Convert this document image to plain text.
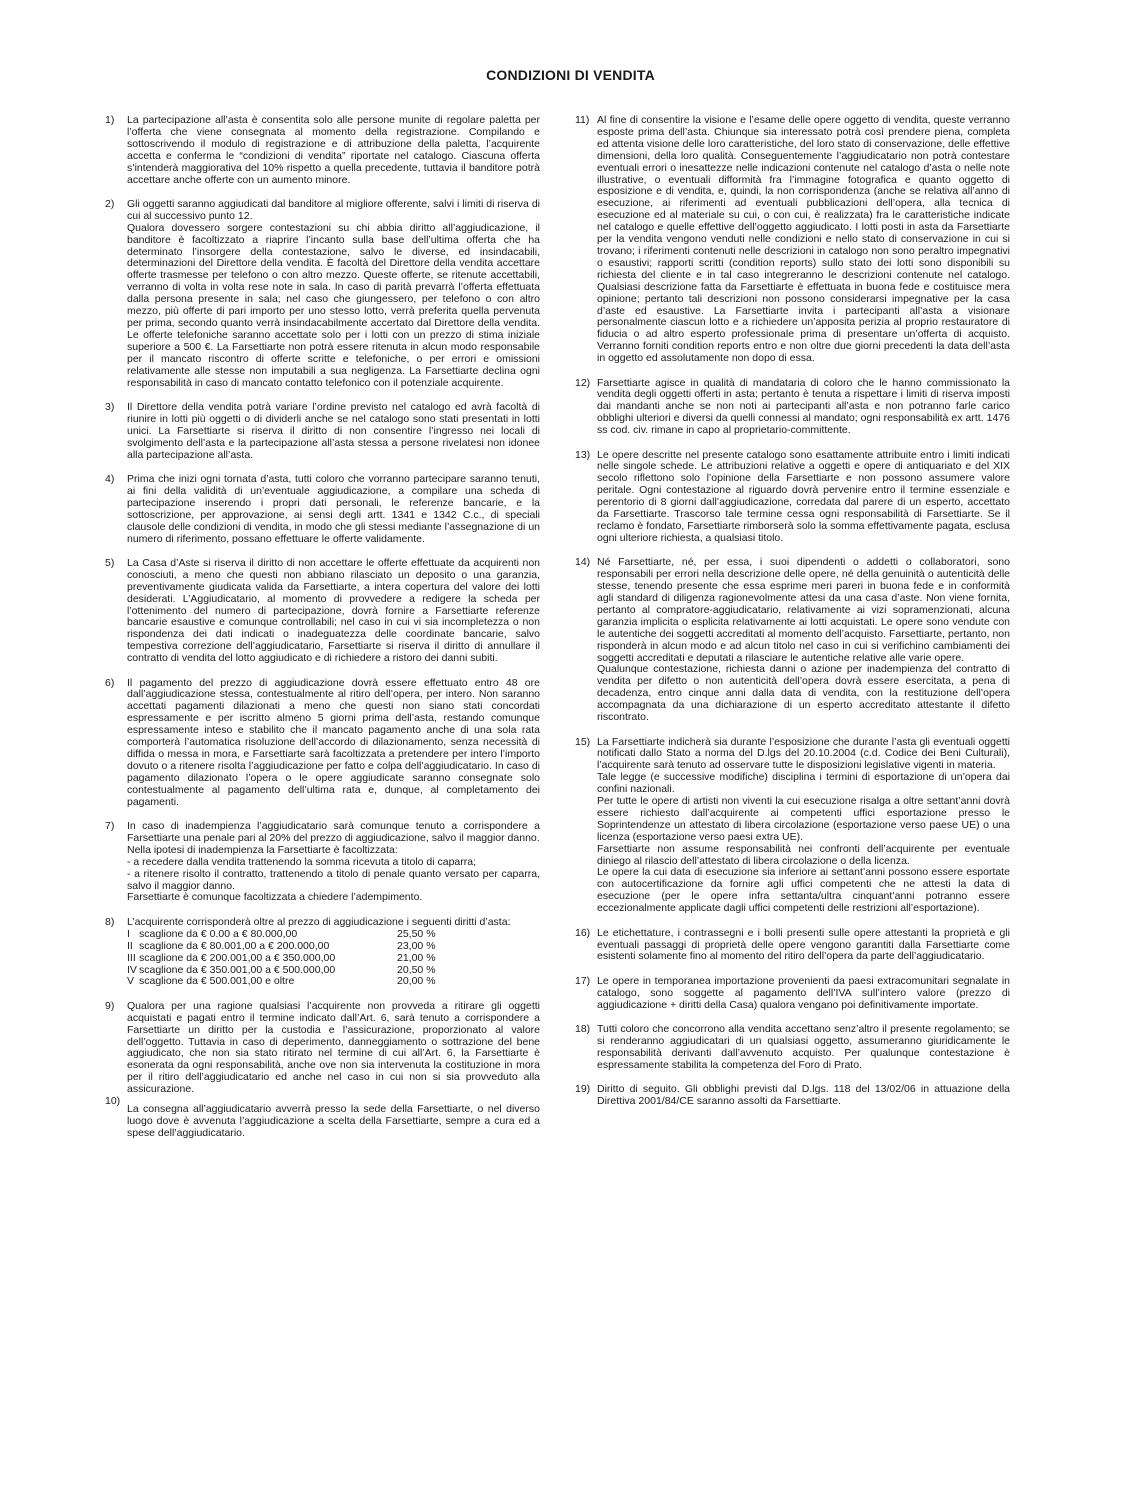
CONDIZIONI DI VENDITA
1) La partecipazione all’asta è consentita solo alle persone munite di regolare paletta per l’offerta che viene consegnata al momento della registrazione. Compilando e sottoscrivendo il modulo di registrazione e di attribuzione della paletta, l’acquirente accetta e conferma le “condizioni di vendita” riportate nel catalogo. Ciascuna offerta s’intenderà maggiorativa del 10% rispetto a quella precedente, tuttavia il banditore potrà accettare anche offerte con un aumento minore.
2) Gli oggetti saranno aggiudicati dal banditore al migliore offerente, salvi i limiti di riserva di cui al successivo punto 12.
Qualora dovessero sorgere contestazioni su chi abbia diritto all’aggiudicazione, il banditore è facoltizzato a riaprire l’incanto sulla base dell’ultima offerta che ha determinato l’insorgere della contestazione, salvo le diverse, ed insindacabili, determinazioni del Direttore della vendita. È facoltà del Direttore della vendita accettare offerte trasmesse per telefono o con altro mezzo. Queste offerte, se ritenute accettabili, verranno di volta in volta rese note in sala. In caso di parità prevarrà l’offerta effettuata dalla persona presente in sala; nel caso che giungessero, per telefono o con altro mezzo, più offerte di pari importo per uno stesso lotto, verrà preferita quella pervenuta per prima, secondo quanto verrà insindacabilmente accertato dal Direttore della vendita. Le offerte telefoniche saranno accettate solo per i lotti con un prezzo di stima iniziale superiore a 500 €. La Farsettiarte non potrà essere ritenuta in alcun modo responsabile per il mancato riscontro di offerte scritte e telefoniche, o per errori e omissioni relativamente alle stesse non imputabili a sua negligenza. La Farsettiarte declina ogni responsabilità in caso di mancato contatto telefonico con il potenziale acquirente.
3) Il Direttore della vendita potrà variare l’ordine previsto nel catalogo ed avrà facoltà di riunire in lotti più oggetti o di dividerli anche se nel catalogo sono stati presentati in lotti unici. La Farsettiarte si riserva il diritto di non consentire l’ingresso nei locali di svolgimento dell’asta e la partecipazione all’asta stessa a persone rivelatesi non idonee alla partecipazione all’asta.
4) Prima che inizi ogni tornata d’asta, tutti coloro che vorranno partecipare saranno tenuti, ai fini della validità di un’eventuale aggiudicazione, a compilare una scheda di partecipazione inserendo i propri dati personali, le referenze bancarie, e la sottoscrizione, per approvazione, ai sensi degli artt. 1341 e 1342 C.c., di speciali clausole delle condizioni di vendita, in modo che gli stessi mediante l’assegnazione di un numero di riferimento, possano effettuare le offerte validamente.
5) La Casa d’Aste si riserva il diritto di non accettare le offerte effettuate da acquirenti non conosciuti, a meno che questi non abbiano rilasciato un deposito o una garanzia, preventivamente giudicata valida da Farsettiarte, a intera copertura del valore dei lotti desiderati. L’Aggiudicatario, al momento di provvedere a redigere la scheda per l’ottenimento del numero di partecipazione, dovrà fornire a Farsettiarte referenze bancarie esaustive e comunque controllabili; nel caso in cui vi sia incompletezza o non rispondenza dei dati indicati o inadeguatezza delle coordinate bancarie, salvo tempestiva correzione dell’aggiudicatario, Farsettiarte si riserva il diritto di annullare il contratto di vendita del lotto aggiudicato e di richiedere a ristoro dei danni subiti.
6) Il pagamento del prezzo di aggiudicazione dovrà essere effettuato entro 48 ore dall’aggiudicazione stessa, contestualmente al ritiro dell’opera, per intero. Non saranno accettati pagamenti dilazionati a meno che questi non siano stati concordati espressamente e per iscritto almeno 5 giorni prima dell’asta, restando comunque espressamente inteso e stabilito che il mancato pagamento anche di una sola rata comporterà l’automatica risoluzione dell’accordo di dilazionamento, senza necessità di diffida o messa in mora, e Farsettiarte sarà facoltizzata a pretendere per intero l’importo dovuto o a ritenere risolta l’aggiudicazione per fatto e colpa dell’aggiudicatario. In caso di pagamento dilazionato l’opera o le opere aggiudicate saranno consegnate solo contestualmente al pagamento dell’ultima rata e, dunque, al completamento dei pagamenti.
7) In caso di inadempienza l’aggiudicatario sarà comunque tenuto a corrispondere a Farsettiarte una penale pari al 20% del prezzo di aggiudicazione, salvo il maggior danno.
Nella ipotesi di inadempienza la Farsettiarte è facoltizzata:
- a recedere dalla vendita trattenendo la somma ricevuta a titolo di caparra;
- a ritenere risolto il contratto, trattenendo a titolo di penale quanto versato per caparra, salvo il maggior danno.
Farsettiarte è comunque facoltizzata a chiedere l’adempimento.
8) L’acquirente corrisponderà oltre al prezzo di aggiudicazione i seguenti diritti d’asta:
I	scaglione da € 0.00 a € 80.000,00	25,50 %
II	scaglione da € 80.001,00 a € 200.000,00	23,00 %
III	scaglione da € 200.001,00 a € 350.000,00	21,00 %
IV	scaglione da € 350.001,00 a € 500.000,00	20,50 %
V	scaglione da € 500.001,00 e oltre	20,00 %
9) Qualora per una ragione qualsiasi l’acquirente non provveda a ritirare gli oggetti acquistati e pagati entro il termine indicato dall’Art. 6, sarà tenuto a corrispondere a Farsettiarte un diritto per la custodia e l’assicurazione, proporzionato al valore dell’oggetto. Tuttavia in caso di deperimento, danneggiamento o sottrazione del bene aggiudicato, che non sia stato ritirato nel termine di cui all’Art. 6, la Farsettiarte è esonerata da ogni responsabilità, anche ove non sia intervenuta la costituzione in mora per il ritiro dell’aggiudicatario ed anche nel caso in cui non si sia provveduto alla assicurazione.
10)
La consegna all’aggiudicatario avverrà presso la sede della Farsettiarte, o nel diverso luogo dove è avvenuta l’aggiudicazione a scelta della Farsettiarte, sempre a cura ed a spese dell’aggiudicatario.
11) Al fine di consentire la visione e l’esame delle opere oggetto di vendita, queste verranno esposte prima dell’asta. Chiunque sia interessato potrà così prendere piena, completa ed attenta visione delle loro caratteristiche, del loro stato di conservazione, delle effettive dimensioni, della loro qualità. Conseguentemente l’aggiudicatario non potrà contestare eventuali errori o inesattezze nelle indicazioni contenute nel catalogo d’asta o nelle note illustrative, o eventuali difformità fra l’immagine fotografica e quanto oggetto di esposizione e di vendita, e, quindi, la non corrispondenza (anche se relativa all’anno di esecuzione, ai riferimenti ad eventuali pubblicazioni dell’opera, alla tecnica di esecuzione ed al materiale su cui, o con cui, è realizzata) fra le caratteristiche indicate nel catalogo e quelle effettive dell’oggetto aggiudicato. I lotti posti in asta da Farsettiarte per la vendita vengono venduti nelle condizioni e nello stato di conservazione in cui si trovano; i riferimenti contenuti nelle descrizioni in catalogo non sono peraltro impegnativi o esaustivi; rapporti scritti (condition reports) sullo stato dei lotti sono disponibili su richiesta del cliente e in tal caso integreranno le descrizioni contenute nel catalogo. Qualsiasi descrizione fatta da Farsettiarte è effettuata in buona fede e costituisce mera opinione; pertanto tali descrizioni non possono considerarsi impegnative per la casa d’aste ed esaustive. La Farsettiarte invita i partecipanti all’asta a visionare personalmente ciascun lotto e a richiedere un’apposita perizia al proprio restauratore di fiducia o ad altro esperto professionale prima di presentare un’offerta di acquisto. Verranno forniti condition reports entro e non oltre due giorni precedenti la data dell’asta in oggetto ed assolutamente non dopo di essa.
12) Farsettiarte agisce in qualità di mandataria di coloro che le hanno commissionato la vendita degli oggetti offerti in asta; pertanto è tenuta a rispettare i limiti di riserva imposti dai mandanti anche se non noti ai partecipanti all’asta e non potranno farle carico obblighi ulteriori e diversi da quelli connessi al mandato; ogni responsabilità ex artt. 1476 ss cod. civ. rimane in capo al proprietario-committente.
13) Le opere descritte nel presente catalogo sono esattamente attribuite entro i limiti indicati nelle singole schede. Le attribuzioni relative a oggetti e opere di antiquariato e del XIX secolo riflettono solo l’opinione della Farsettiarte e non possono assumere valore peritale. Ogni contestazione al riguardo dovrà pervenire entro il termine essenziale e perentorio di 8 giorni dall’aggiudicazione, corredata dal parere di un esperto, accettato da Farsettiarte. Trascorso tale termine cessa ogni responsabilità di Farsettiarte. Se il reclamo è fondato, Farsettiarte rimborserà solo la somma effettivamente pagata, esclusa ogni ulteriore richiesta, a qualsiasi titolo.
14) Né Farsettiarte, né, per essa, i suoi dipendenti o addetti o collaboratori, sono responsabili per errori nella descrizione delle opere, né della genuinità o autenticità delle stesse, tenendo presente che essa esprime meri pareri in buona fede e in conformità agli standard di diligenza ragionevolmente attesi da una casa d’aste. Non viene fornita, pertanto al compratore-aggiudicatario, relativamente ai vizi sopramenzionati, alcuna garanzia implicita o esplicita relativamente ai lotti acquistati. Le opere sono vendute con le autentiche dei soggetti accreditati al momento dell’acquisto. Farsettiarte, pertanto, non risponderà in alcun modo e ad alcun titolo nel caso in cui si verifichino cambiamenti dei soggetti accreditati e deputati a rilasciare le autentiche relative alle varie opere.
Qualunque contestazione, richiesta danni o azione per inadempienza del contratto di vendita per difetto o non autenticità dell’opera dovrà essere esercitata, a pena di decadenza, entro cinque anni dalla data di vendita, con la restituzione dell’opera accompagnata da una dichiarazione di un esperto accreditato attestante il difetto riscontrato.
15) La Farsettiarte indicherà sia durante l’esposizione che durante l’asta gli eventuali oggetti notificati dallo Stato a norma del D.lgs del 20.10.2004 (c.d. Codice dei Beni Culturali), l’acquirente sarà tenuto ad osservare tutte le disposizioni legislative vigenti in materia.
Tale legge (e successive modifiche) disciplina i termini di esportazione di un’opera dai confini nazionali.
Per tutte le opere di artisti non viventi la cui esecuzione risalga a oltre settant’anni dovrà essere richiesto dall’acquirente ai competenti uffici esportazione presso le Soprintendenze un attestato di libera circolazione (esportazione verso paese UE) o una licenza (esportazione verso paesi extra UE).
Farsettiarte non assume responsabilità nei confronti dell’acquirente per eventuale diniego al rilascio dell’attestato di libera circolazione o della licenza.
Le opere la cui data di esecuzione sia inferiore ai settant’anni possono essere esportate con autocertificazione da fornire agli uffici competenti che ne attesti la data di esecuzione (per le opere infra settanta/ultra cinquant’anni potranno essere eccezionalmente applicate dagli uffici competenti delle restrizioni all’esportazione).
16) Le etichettature, i contrassegni e i bolli presenti sulle opere attestanti la proprietà e gli eventuali passaggi di proprietà delle opere vengono garantiti dalla Farsettiarte come esistenti solamente fino al momento del ritiro dell’opera da parte dell’aggiudicatario.
17) Le opere in temporanea importazione provenienti da paesi extracomunitari segnalate in catalogo, sono soggette al pagamento dell’IVA sull’intero valore (prezzo di aggiudicazione + diritti della Casa) qualora vengano poi definitivamente importate.
18) Tutti coloro che concorrono alla vendita accettano senz’altro il presente regolamento; se si renderanno aggiudicatari di un qualsiasi oggetto, assumeranno giuridicamente le responsabilità derivanti dall’avvenuto acquisto. Per qualunque contestazione è espressamente stabilita la competenza del Foro di Prato.
19) Diritto di seguito. Gli obblighi previsti dal D.lgs. 118 del 13/02/06 in attuazione della Direttiva 2001/84/CE saranno assolti da Farsettiarte.
